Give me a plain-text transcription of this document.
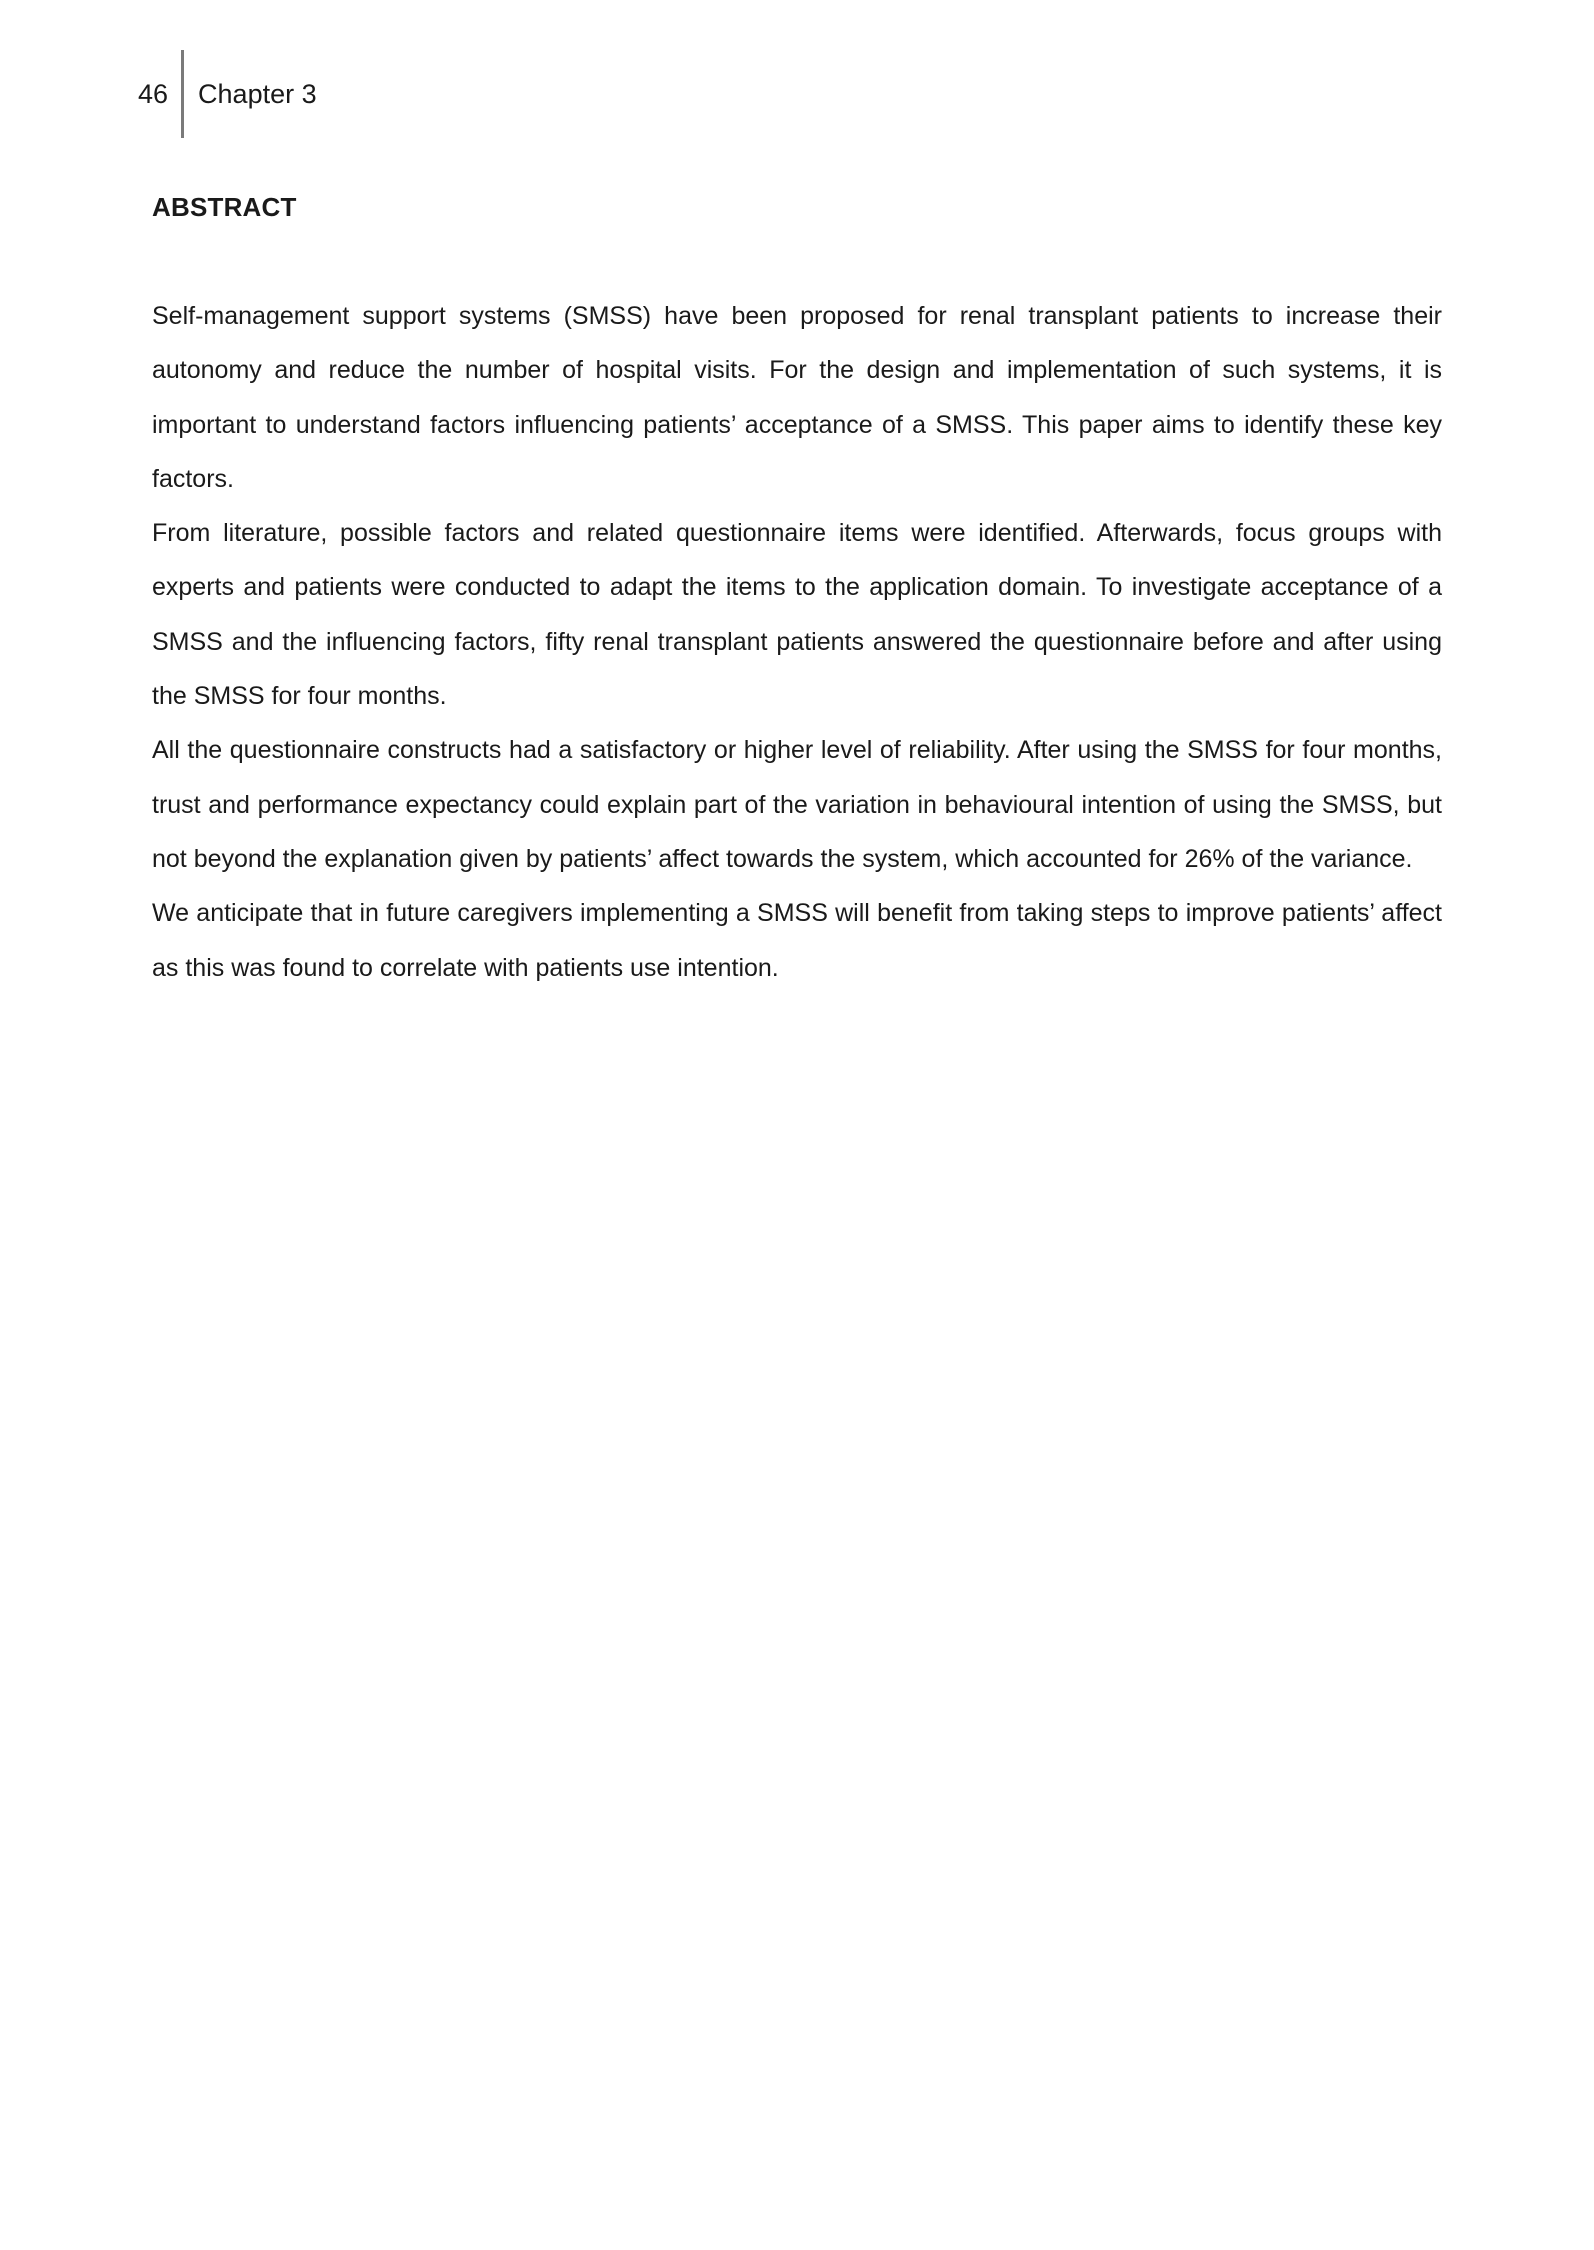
46	Chapter 3
ABSTRACT

Self-management support systems (SMSS) have been proposed for renal transplant patients to increase their autonomy and reduce the number of hospital visits. For the design and implementation of such systems, it is important to understand factors influencing patients’ acceptance of a SMSS. This paper aims to identify these key factors.

From literature, possible factors and related questionnaire items were identified. Afterwards, focus groups with experts and patients were conducted to adapt the items to the application domain. To investigate acceptance of a SMSS and the influencing factors, fifty renal transplant patients answered the questionnaire before and after using the SMSS for four months.

All the questionnaire constructs had a satisfactory or higher level of reliability. After using the SMSS for four months, trust and performance expectancy could explain part of the variation in behavioural intention of using the SMSS, but not beyond the explanation given by patients’ affect towards the system, which accounted for 26% of the variance.

We anticipate that in future caregivers implementing a SMSS will benefit from taking steps to improve patients’ affect as this was found to correlate with patients use intention.
